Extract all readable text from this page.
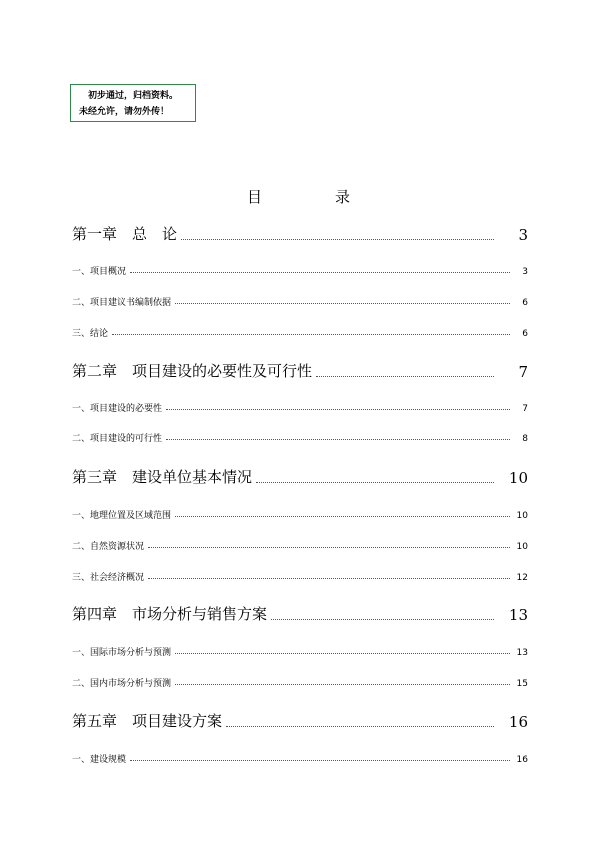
初步通过，归档资料。
未经允许，请勿外传！
目	录
第一章　总　论	3
一、项目概况	3
二、项目建议书编制依据	6
三、结论	6
第二章　项目建设的必要性及可行性	7
一、项目建设的必要性	7
二、项目建设的可行性	8
第三章　建设单位基本情况	10
一、地理位置及区域范围	10
二、自然资源状况	10
三、社会经济概况	12
第四章　市场分析与销售方案	13
一、国际市场分析与预测	13
二、国内市场分析与预测	15
第五章　项目建设方案	16
一、建设规模	16
